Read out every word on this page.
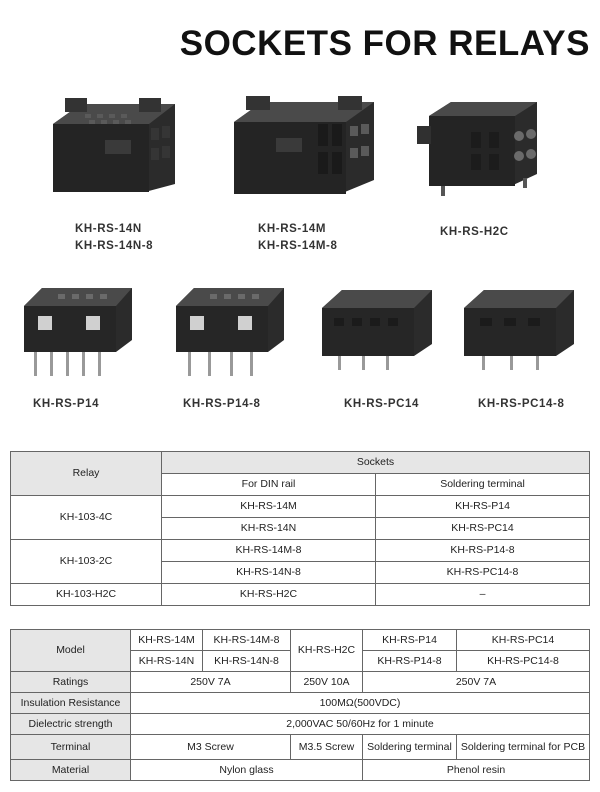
SOCKETS FOR RELAYS
KH-RS-14N
KH-RS-14N-8
KH-RS-14M
KH-RS-14M-8
KH-RS-H2C
KH-RS-P14	KH-RS-P14-8	KH-RS-PC14	KH-RS-PC14-8
Relay	Sockets	
	For DIN rail	Soldering terminal
KH-103-4C	KH-RS-14M	KH-RS-P14
	KH-RS-14N	KH-RS-PC14
KH-103-2C	KH-RS-14M-8	KH-RS-P14-8
	KH-RS-14N-8	KH-RS-PC14-8
KH-103-H2C	KH-RS-H2C	–
Model	KH-RS-14M	KH-RS-14M-8	KH-RS-H2C	KH-RS-P14	KH-RS-PC14
	KH-RS-14N	KH-RS-14N-8		KH-RS-P14-8	KH-RS-PC14-8
Ratings	250V 7A		250V 10A	250V 7A	
Insulation Resistance	100MΩ(500VDC)				
Dielectric strength	2,000VAC 50/60Hz for 1 minute				
Terminal	M3 Screw		M3.5 Screw	Soldering terminal	Soldering terminal for PCB
Material	Nylon glass			Phenol resin	
